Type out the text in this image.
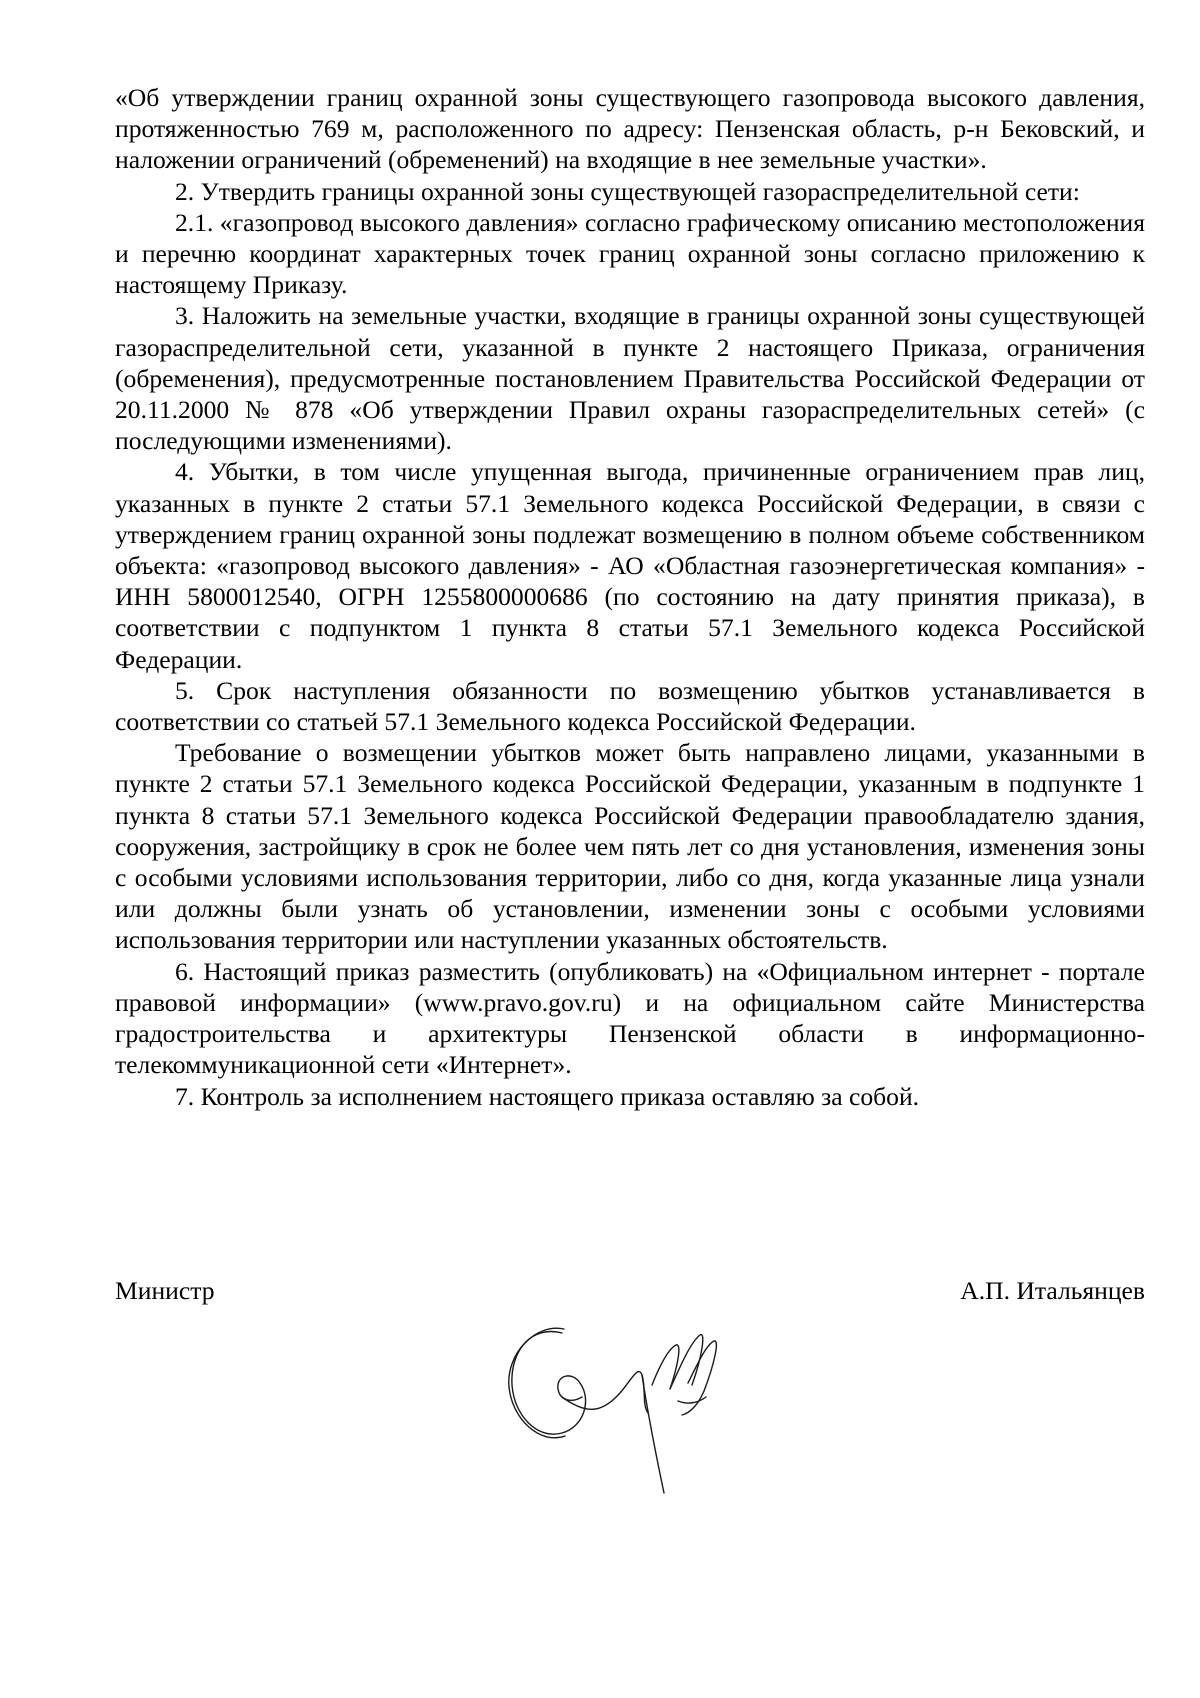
«Об утверждении границ охранной зоны существующего газопровода высокого давления, протяженностью 769 м, расположенного по адресу: Пензенская область, р-н Бековский, и наложении ограничений (обременений) на входящие в нее земельные участки».

2. Утвердить границы охранной зоны существующей газораспределительной сети:

2.1. «газопровод высокого давления» согласно графическому описанию местоположения и перечню координат характерных точек границ охранной зоны согласно приложению к настоящему Приказу.

3. Наложить на земельные участки, входящие в границы охранной зоны существующей газораспределительной сети, указанной в пункте 2 настоящего Приказа, ограничения (обременения), предусмотренные постановлением Правительства Российской Федерации от 20.11.2000 № 878 «Об утверждении Правил охраны газораспределительных сетей» (с последующими изменениями).

4. Убытки, в том числе упущенная выгода, причиненные ограничением прав лиц, указанных в пункте 2 статьи 57.1 Земельного кодекса Российской Федерации, в связи с утверждением границ охранной зоны подлежат возмещению в полном объеме собственником объекта: «газопровод высокого давления» - АО «Областная газоэнергетическая компания» - ИНН 5800012540, ОГРН 1255800000686 (по состоянию на дату принятия приказа), в соответствии с подпунктом 1 пункта 8 статьи 57.1 Земельного кодекса Российской Федерации.

5. Срок наступления обязанности по возмещению убытков устанавливается в соответствии со статьей 57.1 Земельного кодекса Российской Федерации.

Требование о возмещении убытков может быть направлено лицами, указанными в пункте 2 статьи 57.1 Земельного кодекса Российской Федерации, указанным в подпункте 1 пункта 8 статьи 57.1 Земельного кодекса Российской Федерации правообладателю здания, сооружения, застройщику в срок не более чем пять лет со дня установления, изменения зоны с особыми условиями использования территории, либо со дня, когда указанные лица узнали или должны были узнать об установлении, изменении зоны с особыми условиями использования территории или наступлении указанных обстоятельств.

6. Настоящий приказ разместить (опубликовать) на «Официальном интернет - портале правовой информации» (www.pravo.gov.ru) и на официальном сайте Министерства градостроительства и архитектуры Пензенской области в информационно-телекоммуникационной сети «Интернет».

7. Контроль за исполнением настоящего приказа оставляю за собой.

Министр	А.П. Итальянцев
